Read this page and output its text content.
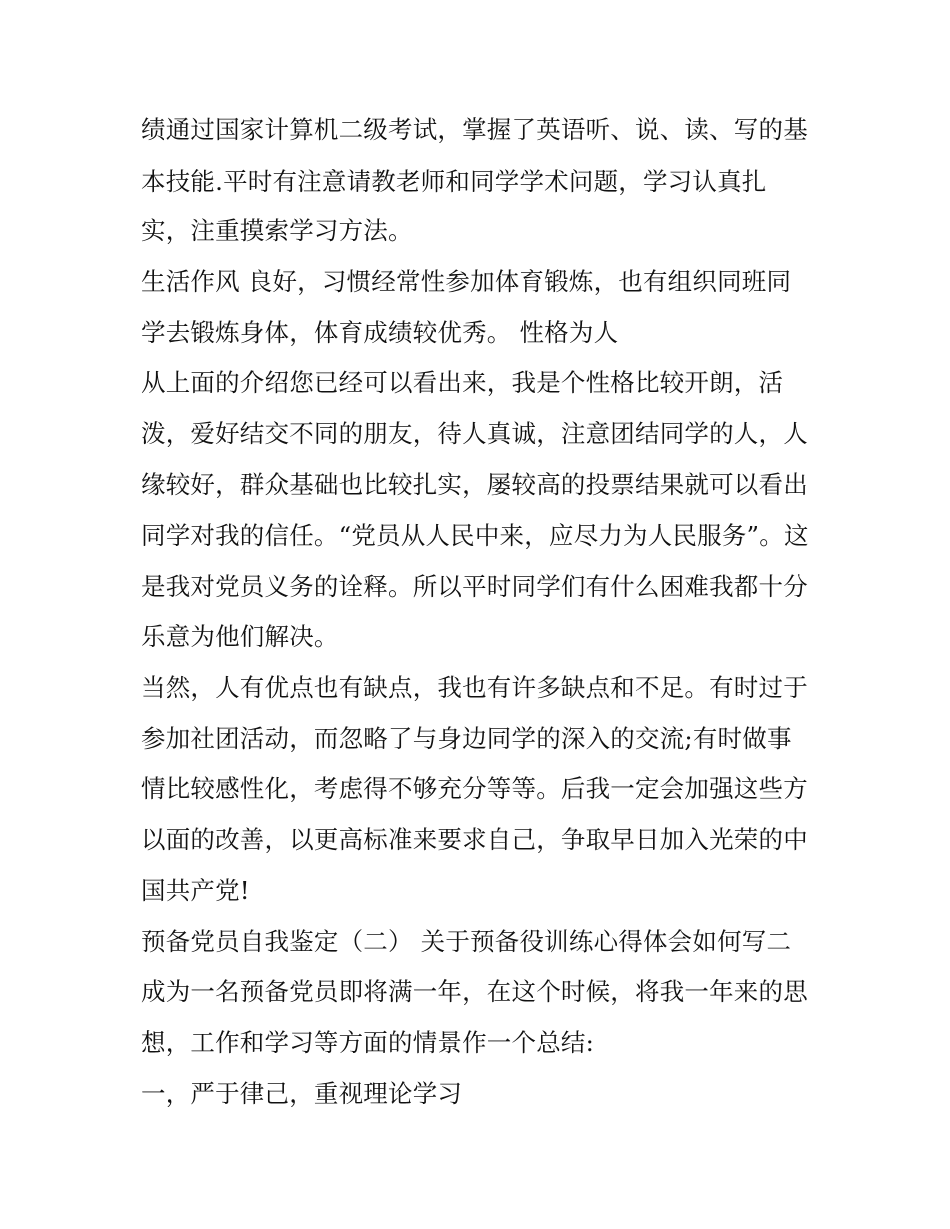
绩通过国家计算机二级考试，掌握了英语听、说、读、写的基
本技能.平时有注意请教老师和同学学术问题，学习认真扎
实，注重摸索学习方法。
生活作风 良好，习惯经常性参加体育锻炼，也有组织同班同
学去锻炼身体，体育成绩较优秀。 性格为人
从上面的介绍您已经可以看出来，我是个性格比较开朗，活
泼，爱好结交不同的朋友，待人真诚，注意团结同学的人，人
缘较好，群众基础也比较扎实，屡较高的投票结果就可以看出
同学对我的信任。“党员从人民中来，应尽力为人民服务”。这
是我对党员义务的诠释。所以平时同学们有什么困难我都十分
乐意为他们解决。
当然，人有优点也有缺点，我也有许多缺点和不足。有时过于
参加社团活动，而忽略了与身边同学的深入的交流;有时做事
情比较感性化，考虑得不够充分等等。后我一定会加强这些方
以面的改善，以更高标准来要求自己，争取早日加入光荣的中
国共产党!
预备党员自我鉴定（二） 关于预备役训练心得体会如何写二
成为一名预备党员即将满一年，在这个时候，将我一年来的思
想，工作和学习等方面的情景作一个总结:
一，严于律己，重视理论学习
